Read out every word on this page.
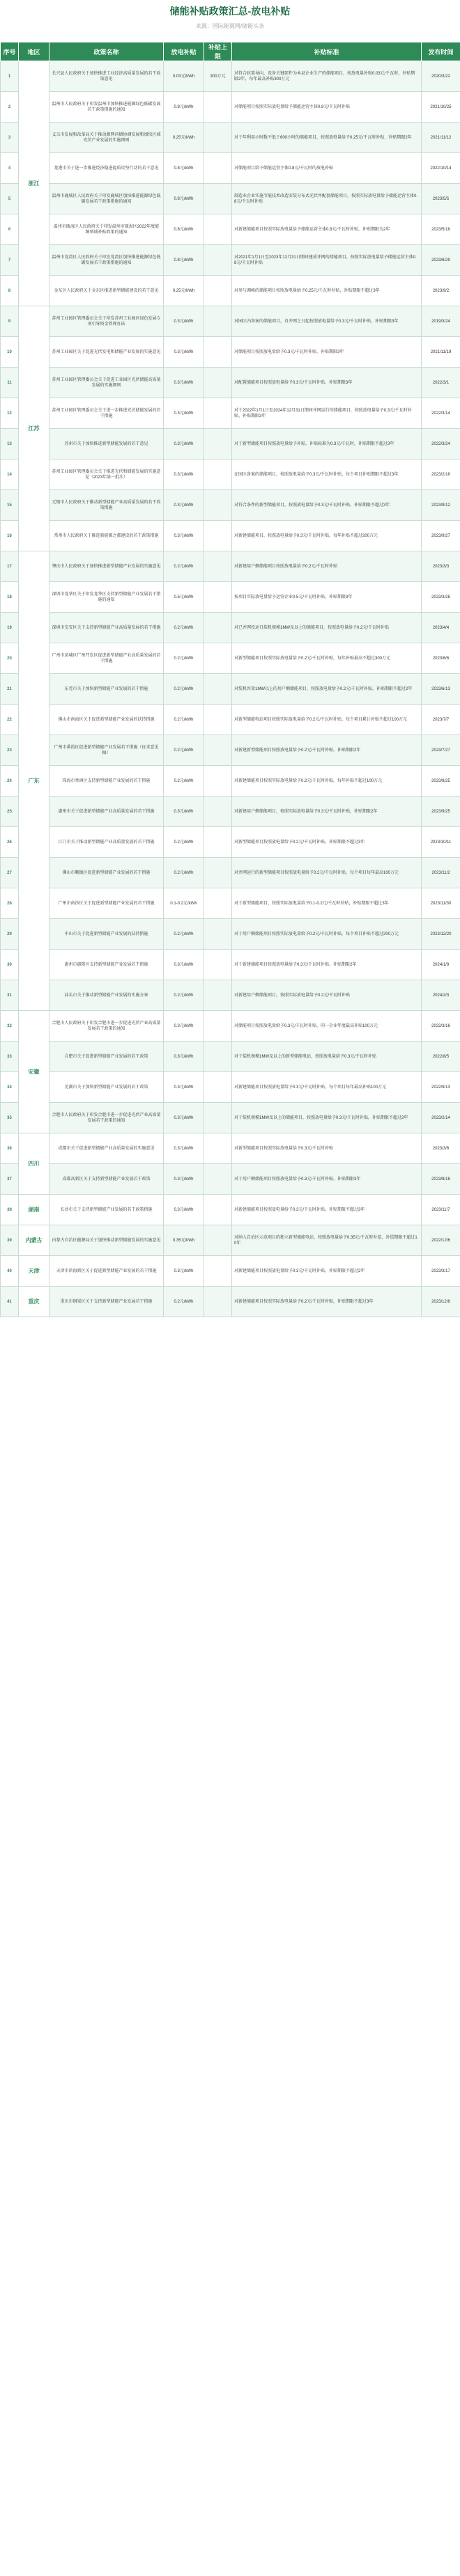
储能补贴政策汇总-放电补贴
来源：国际能源网/储能头条
序号	地区	政策名称	放电补贴	补贴上限	补贴标准	发布时间
1	浙江	长兴县人民政府关于加快推进工业经济高质量发展的若干政策意见	0.03元/kWh	300万元	对符合政策导向，设备关键部件为本县企业生产的储能项目，按放电量补贴0.03元/千瓦时，补贴期限2年，每年最高补贴300万元	2020/3/22
2		温州市人民政府关于印发温州市加快推进能源绿色低碳发展若干政策措施的通知	0.8元/kWh		对储能项目按照实际放电量给予储能运营主体0.8元/千瓦时补贴	2021/10/25
3		义乌市发展和改革局关于推动源网荷储协调发展和加快区域光伏产业发展的实施细则	0.25元/kWh		对于年利用小时数不低于600小时的储能项目，按照放电量给予0.25元/千瓦时补贴，补贴期限2年	2021/11/12
4		龙港市关于进一步推进经济稳进提质攻坚行动的若干意见	0.8元/kWh		对储能项目给予储能运营主体0.8元/千瓦时的放电补贴	2022/10/14
5		温州市鹿城区人民政府关于印发鹿城区加快推进能源绿色低碳发展若干政策措施的通知	0.8元/kWh		制造业企业实施节能技术改造安装分布式光伏并配套储能项目，按照实际放电量给予储能运营主体0.8元/千瓦时补贴	2023/5/5
6		温州市瓯海区人民政府关于印发温州市瓯海区2022年度能源领域补贴政策的通知	0.8元/kWh		对新建储能项目按照实际放电量给予储能运营主体0.8元/千瓦时补贴，补贴期限为2年	2023/5/16
7		温州市龙湾区人民政府关于印发龙湾区加快推进能源绿色低碳发展若干政策措施的通知	0.8元/kWh		对2021年1月1日至2023年12月31日期间建成并网的储能项目，按照实际放电量给予储能运营主体0.8元/千瓦时补贴	2023/6/29
8		金东区人民政府关于金东区推进新型储能建设的若干意见	0.25元/kWh		对参与调峰的储能项目按照放电量给予0.25元/千瓦时补贴，补贴期限不超过3年	2023/9/2
9	江苏	苏州工业园区管理委员会关于印发苏州工业园区绿色发展专项引导资金管理办法	0.3元/kWh		对园区内备案的储能项目，自并网之日起按照放电量给予0.3元/千瓦时补贴，补贴期限3年	2019/3/24
10		苏州工业园区关于促进光伏发电和储能产业发展的实施意见	0.3元/kWh		对储能项目按照放电量给予0.3元/千瓦时补贴，补贴期限3年	2021/11/19
11		苏州工业园区管理委员会关于促进工业园区光伏储能高质量发展的实施细则	0.3元/kWh		对配置储能项目按照放电量给予0.3元/千瓦时补贴，补贴期限3年	2022/3/1
12		苏州工业园区管理委员会关于进一步推进光伏储能发展的若干措施	0.3元/kWh		对于2022年1月1日至2024年12月31日期间并网运行的储能项目，按照放电量给予0.3元/千瓦时补贴，补贴期限3年	2022/3/14
13		苏州市关于加快推进新型储能发展的若干意见	0.3元/kWh		对于新型储能项目按照放电量给予补贴，补贴标准为0.3元/千瓦时，补贴期限不超过3年	2022/3/24
14		苏州工业园区管理委员会关于推进光伏和储能发展的实施意见（2023年第一批次）	0.3元/kWh		在园区备案的储能项目，按照放电量给予0.3元/千瓦时补贴，每个项目补贴期限不超过3年	2023/2/16
15		无锡市人民政府关于推动新型储能产业高质量发展的若干政策措施	0.3元/kWh		对符合条件的新型储能项目，按照放电量给予0.3元/千瓦时补贴，补贴期限不超过3年	2023/9/12
16		常州市人民政府关于推进新能源之都建设的若干政策措施	0.3元/kWh		对新建储能项目，按照放电量给予0.3元/千瓦时补贴，每年补贴不超过200万元	2023/9/27
17	广东	肇庆市人民政府关于加快推进新型储能产业发展的实施意见	0.2元/kWh		对新建用户侧储能项目按照放电量给予0.2元/千瓦时补贴	2023/3/3
18		深圳市龙华区关于印发龙华区支持新型储能产业发展若干措施的通知	0.5元/kWh		按项目实际放电量给予运营企业0.5元/千瓦时补贴，补贴期限3年	2023/3/28
19		深圳市宝安区关于支持新型储能产业高质量发展的若干措施	0.2元/kWh		对已并网投运且装机规模1MW及以上的储能项目，按照放电量给予0.2元/千瓦时补贴	2023/4/4
20		广州市黄埔区广州开发区促进新型储能产业高质量发展的若干措施	0.2元/kWh		对新型储能项目按照实际放电量给予0.2元/千瓦时补贴，每年补贴最高不超过300万元	2023/6/6
21		东莞市关于加快新型储能产业发展的若干措施	0.2元/kWh		对装机容量1MW以上的用户侧储能项目，按照放电量给予0.2元/千瓦时补贴，补贴期限不超过2年	2023/6/13
22		佛山市南海区关于促进新型储能产业发展的扶持措施	0.2元/kWh		对新型储能电站项目按照实际放电量给予0.2元/千瓦时补贴，每个项目累计补贴不超过100万元	2023/7/7
23		广州市番禺区促进新型储能产业发展若干措施（征求意见稿）	0.2元/kWh		对新建新型储能项目按照放电量给予0.2元/千瓦时补贴，补贴期限2年	2023/7/27
24		珠海市香洲区支持新型储能产业发展的若干措施	0.2元/kWh		对新建储能项目按照实际放电量给予0.2元/千瓦时补贴，每年补贴不超过100万元	2023/8/25
25		惠州市关于促进新型储能产业高质量发展的若干措施	0.3元/kWh		对新建用户侧储能项目，按照实际放电量给予0.3元/千瓦时补贴，补贴期限2年	2023/9/25
26		江门市关于推动新型储能产业高质量发展的若干措施	0.2元/kWh		对新型储能项目按照放电量给予0.2元/千瓦时补贴，补贴期限不超过3年	2023/10/11
27		佛山市顺德区促进新型储能产业发展的若干措施	0.2元/kWh		对并网运行的新型储能项目按照放电量给予0.2元/千瓦时补贴，每个项目每年最高100万元	2023/11/2
28		广州市南沙区关于促进新型储能产业发展的若干措施	0.1-0.2元/kWh		对于新型储能项目，按照实际放电量给予0.1-0.2元/千瓦时补贴，补贴期限不超过3年	2023/11/30
29		中山市关于促进新型储能产业发展的扶持措施	0.2元/kWh		对于用户侧储能项目按照实际放电量给予0.2元/千瓦时补贴，每个项目补贴不超过200万元	2023/12/20
30		惠州市惠阳区支持新型储能产业发展若干措施	0.3元/kWh		对于新建储能项目按照放电量给予0.3元/千瓦时补贴，补贴期限2年	2024/1/8
31		汕头市关于推动新型储能产业发展的实施方案	0.2元/kWh		对新建用户侧储能项目，按照实际放电量给予0.2元/千瓦时补贴	2024/2/3
32	安徽	合肥市人民政府关于印发合肥市进一步促进光伏产业高质量发展若干政策的通知	0.3元/kWh		对储能项目按照放电量给予0.3元/千瓦时补贴，同一企业年度最高补贴100万元	2022/3/16
33		合肥市关于促进新型储能产业发展的若干政策	0.3元/kWh		对于装机规模1MW及以上的新型储能电站，按照放电量给予0.3元/千瓦时补贴	2022/8/5
34		芜湖市关于加快新型储能产业发展的若干政策	0.3元/kWh		对新建储能项目按照放电量给予0.3元/千瓦时补贴，每个项目每年最高补贴100万元	2022/9/13
35		合肥市人民政府关于印发合肥市进一步促进光伏产业高质量发展若干政策的通知	0.3元/kWh		对于装机规模1MW及以上的储能项目，按照放电量给予0.3元/千瓦时补贴，补贴期限不超过2年	2023/2/14
36	四川	成都市关于促进新型储能产业高质量发展的实施意见	0.3元/kWh		对新型储能项目按照实际放电量给予0.3元/千瓦时补贴	2023/3/6
37		成都高新区关于支持新型储能产业发展若干政策	0.3元/kWh		对于用户侧储能项目按照放电量给予0.3元/千瓦时补贴，补贴期限3年	2023/8/18
38	湖南	长沙市关于支持新型储能产业发展的若干政策措施	0.3元/kWh		对新建储能项目按照放电量给予0.3元/千瓦时补贴，补贴期限不超过3年	2023/11/7
39	内蒙古	内蒙古自治区能源局关于加快推动新型储能发展的实施意见	0.35元/kWh		对纳入自治区示范项目的独立新型储能电站，按照放电量给予0.35元/千瓦时补偿，补偿期限不超过10年	2022/12/6
40	天津	天津市滨海新区关于促进新型储能产业发展的若干措施	0.3元/kWh		对新建储能项目按照放电量给予0.3元/千瓦时补贴，补贴期限不超过2年	2023/3/17
41	重庆	重庆市铜梁区关于支持新型储能产业发展若干措施	0.2元/kWh		对新建储能项目按照实际放电量给予0.2元/千瓦时补贴，补贴期限不超过3年	2023/12/6
